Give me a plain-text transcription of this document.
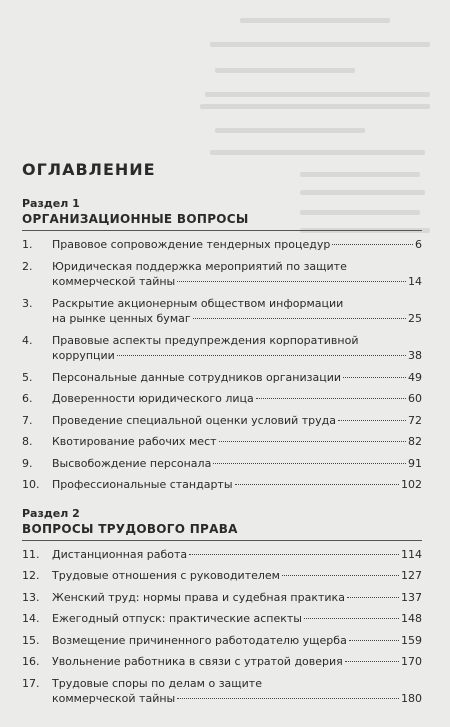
ОГЛАВЛЕНИЕ
Раздел 1
ОРГАНИЗАЦИОННЫЕ ВОПРОСЫ
1.	Правовое сопровождение тендерных процедур	6
2.	Юридическая поддержка мероприятий по защите
коммерческой тайны	14
3.	Раскрытие акционерным обществом информации
на рынке ценных бумаг	25
4.	Правовые аспекты предупреждения корпоративной
коррупции	38
5.	Персональные данные сотрудников организации	49
6.	Доверенности юридического лица	60
7.	Проведение специальной оценки условий труда	72
8.	Квотирование рабочих мест	82
9.	Высвобождение персонала	91
10.	Профессиональные стандарты	102
Раздел 2
ВОПРОСЫ ТРУДОВОГО ПРАВА
11.	Дистанционная работа	114
12.	Трудовые отношения с руководителем	127
13.	Женский труд: нормы права и судебная практика	137
14.	Ежегодный отпуск: практические аспекты	148
15.	Возмещение причиненного работодателю ущерба	159
16.	Увольнение работника в связи с утратой доверия	170
17.	Трудовые споры по делам о защите
коммерческой тайны	180
